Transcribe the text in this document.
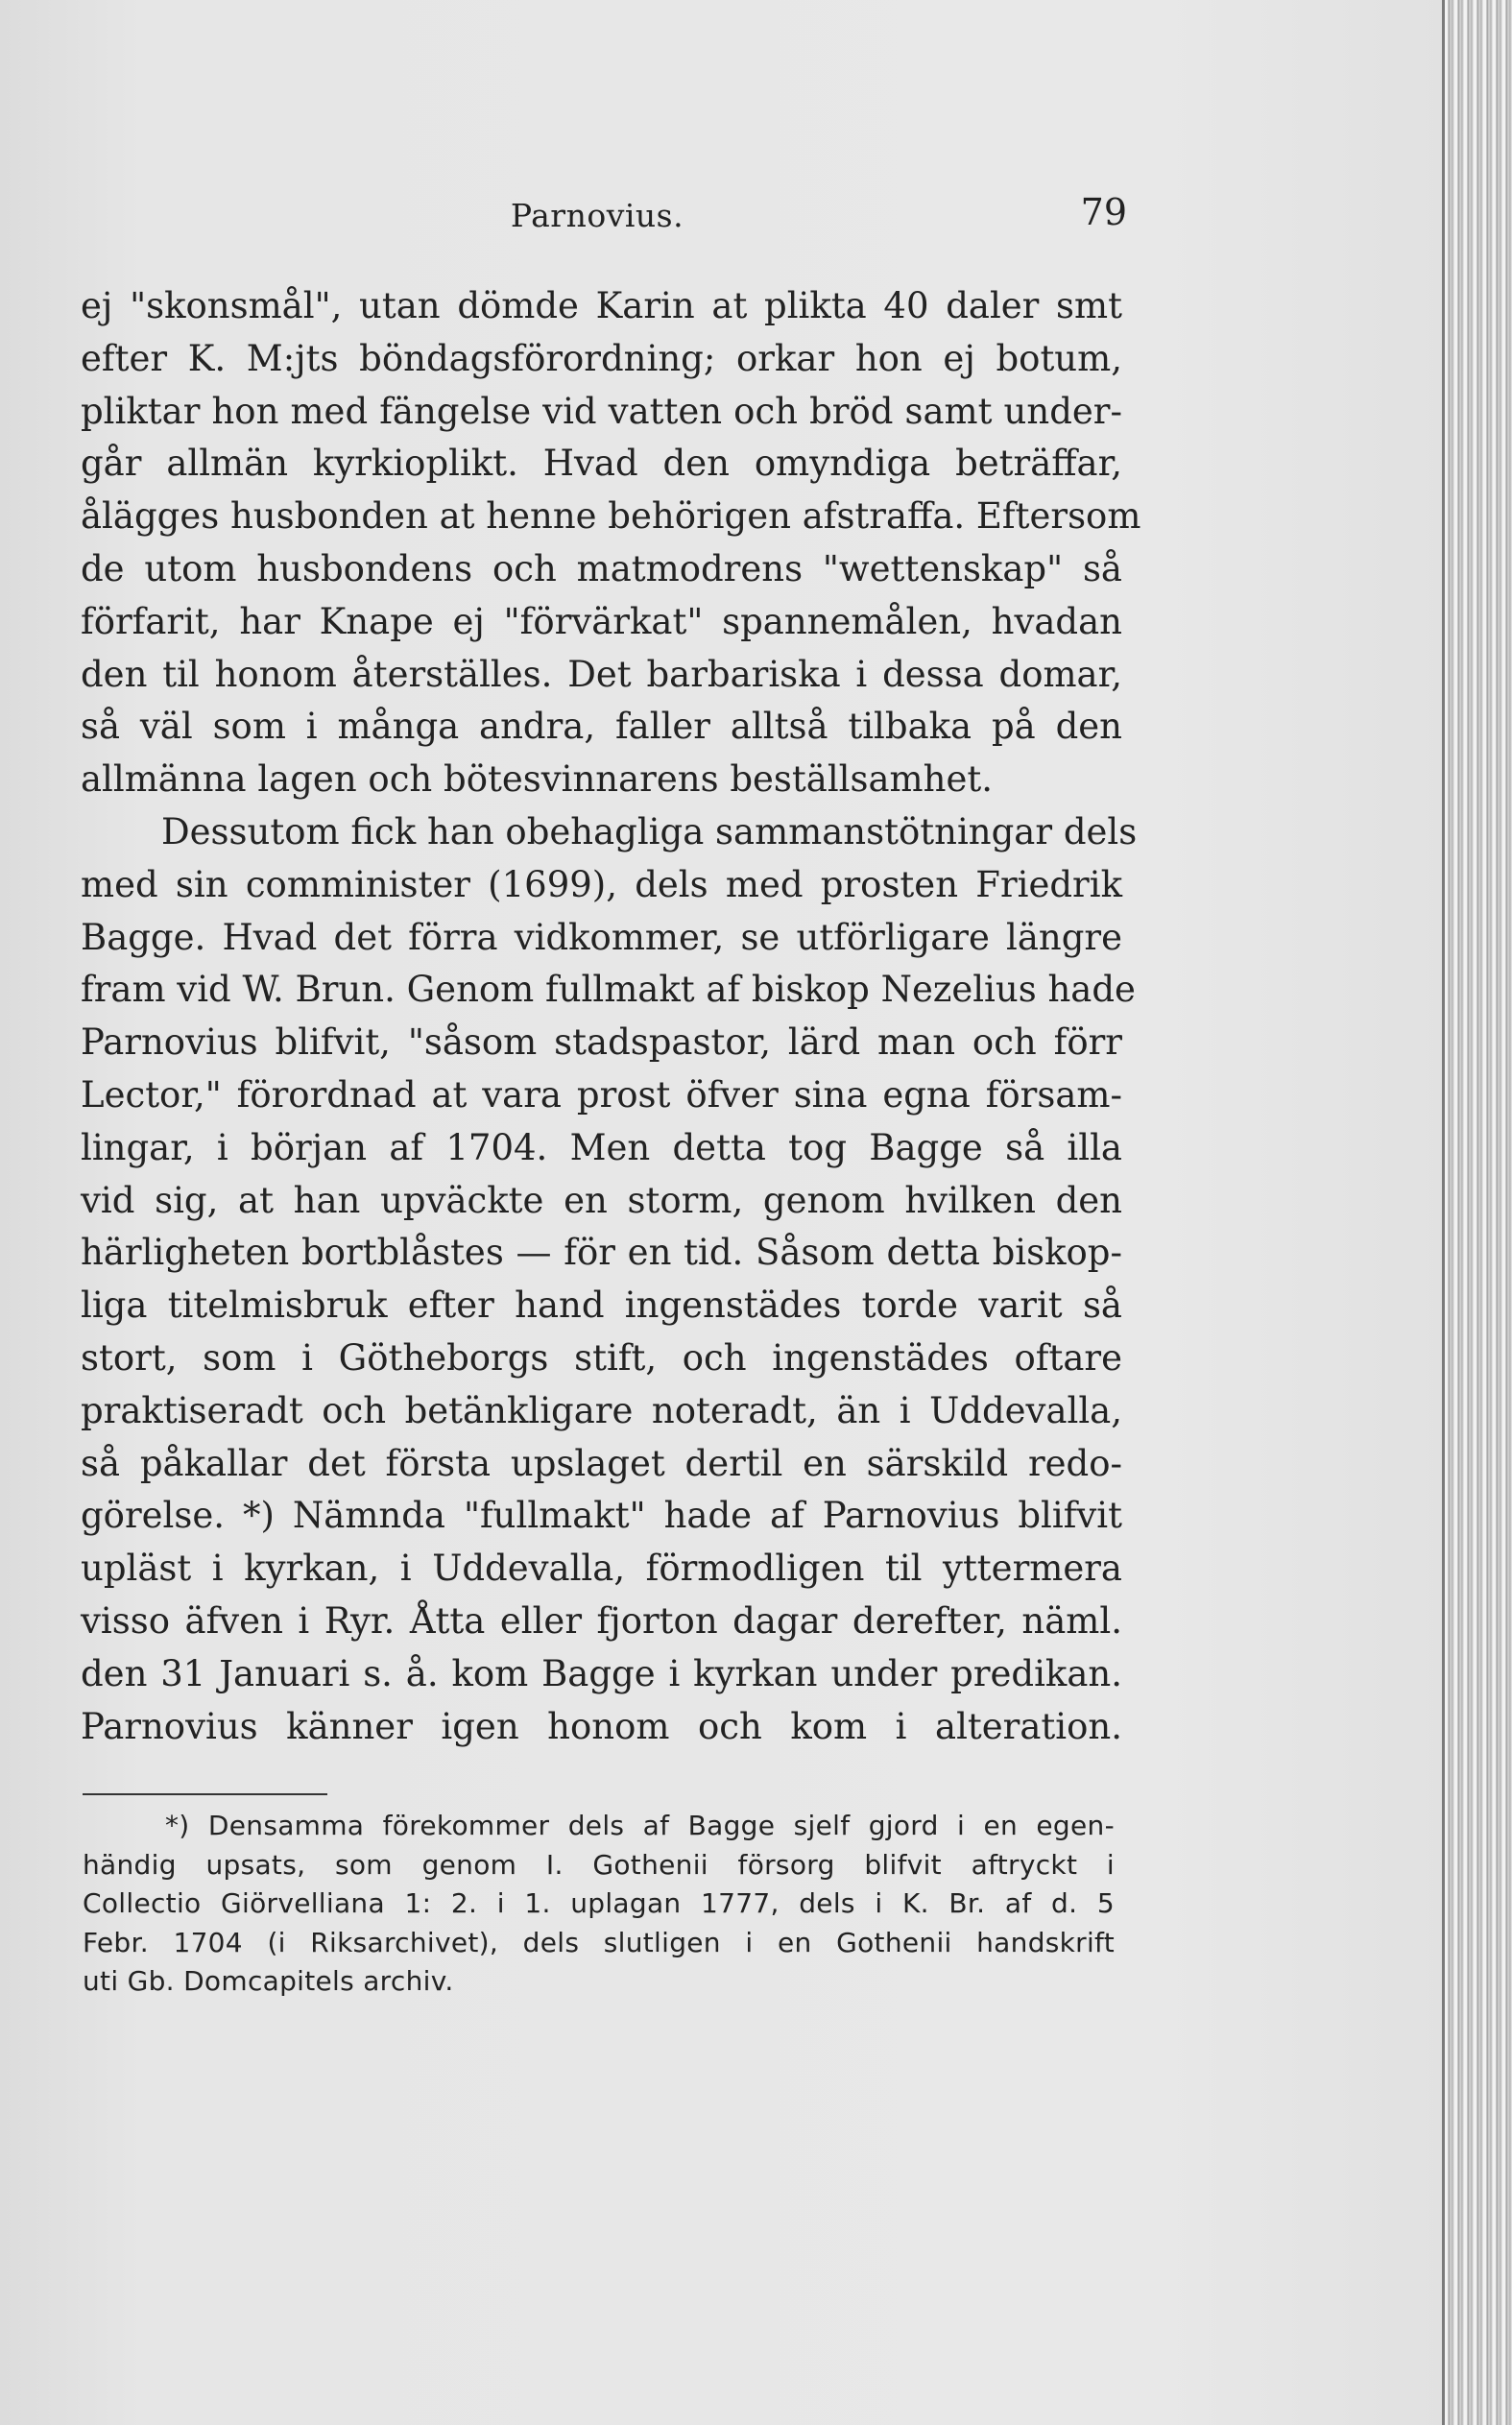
Parnovius.	79
ej "skonsmål", utan dömde Karin at plikta 40 daler smt
efter K. M:jts böndagsförordning; orkar hon ej botum,
pliktar hon med fängelse vid vatten och bröd samt under-
går allmän kyrkioplikt. Hvad den omyndiga beträffar,
ålägges husbonden at henne behörigen afstraffa. Eftersom
de utom husbondens och matmodrens "wettenskap" så
förfarit, har Knape ej "förvärkat" spannemålen, hvadan
den til honom återställes. Det barbariska i dessa domar,
så väl som i många andra, faller alltså tilbaka på den
allmänna lagen och bötesvinnarens beställsamhet.
Dessutom fick han obehagliga sammanstötningar dels
med sin comminister (1699), dels med prosten Friedrik
Bagge. Hvad det förra vidkommer, se utförligare längre
fram vid W. Brun. Genom fullmakt af biskop Nezelius hade
Parnovius blifvit, "såsom stadspastor, lärd man och förr
Lector," förordnad at vara prost öfver sina egna försam-
lingar, i början af 1704. Men detta tog Bagge så illa
vid sig, at han upväckte en storm, genom hvilken den
härligheten bortblåstes — för en tid. Såsom detta biskop-
liga titelmisbruk efter hand ingenstädes torde varit så
stort, som i Götheborgs stift, och ingenstädes oftare
praktiseradt och betänkligare noteradt, än i Uddevalla,
så påkallar det första upslaget dertil en särskild redo-
görelse. *) Nämnda "fullmakt" hade af Parnovius blifvit
upläst i kyrkan, i Uddevalla, förmodligen til yttermera
visso äfven i Ryr. Åtta eller fjorton dagar derefter, näml.
den 31 Januari s. å. kom Bagge i kyrkan under predikan.
Parnovius känner igen honom och kom i alteration.
*) Densamma förekommer dels af Bagge sjelf gjord i en egen-
händig upsats, som genom I. Gothenii försorg blifvit aftryckt i
Collectio Giörvelliana 1: 2. i 1. uplagan 1777, dels i K. Br. af d. 5
Febr. 1704 (i Riksarchivet), dels slutligen i en Gothenii handskrift
uti Gb. Domcapitels archiv.
